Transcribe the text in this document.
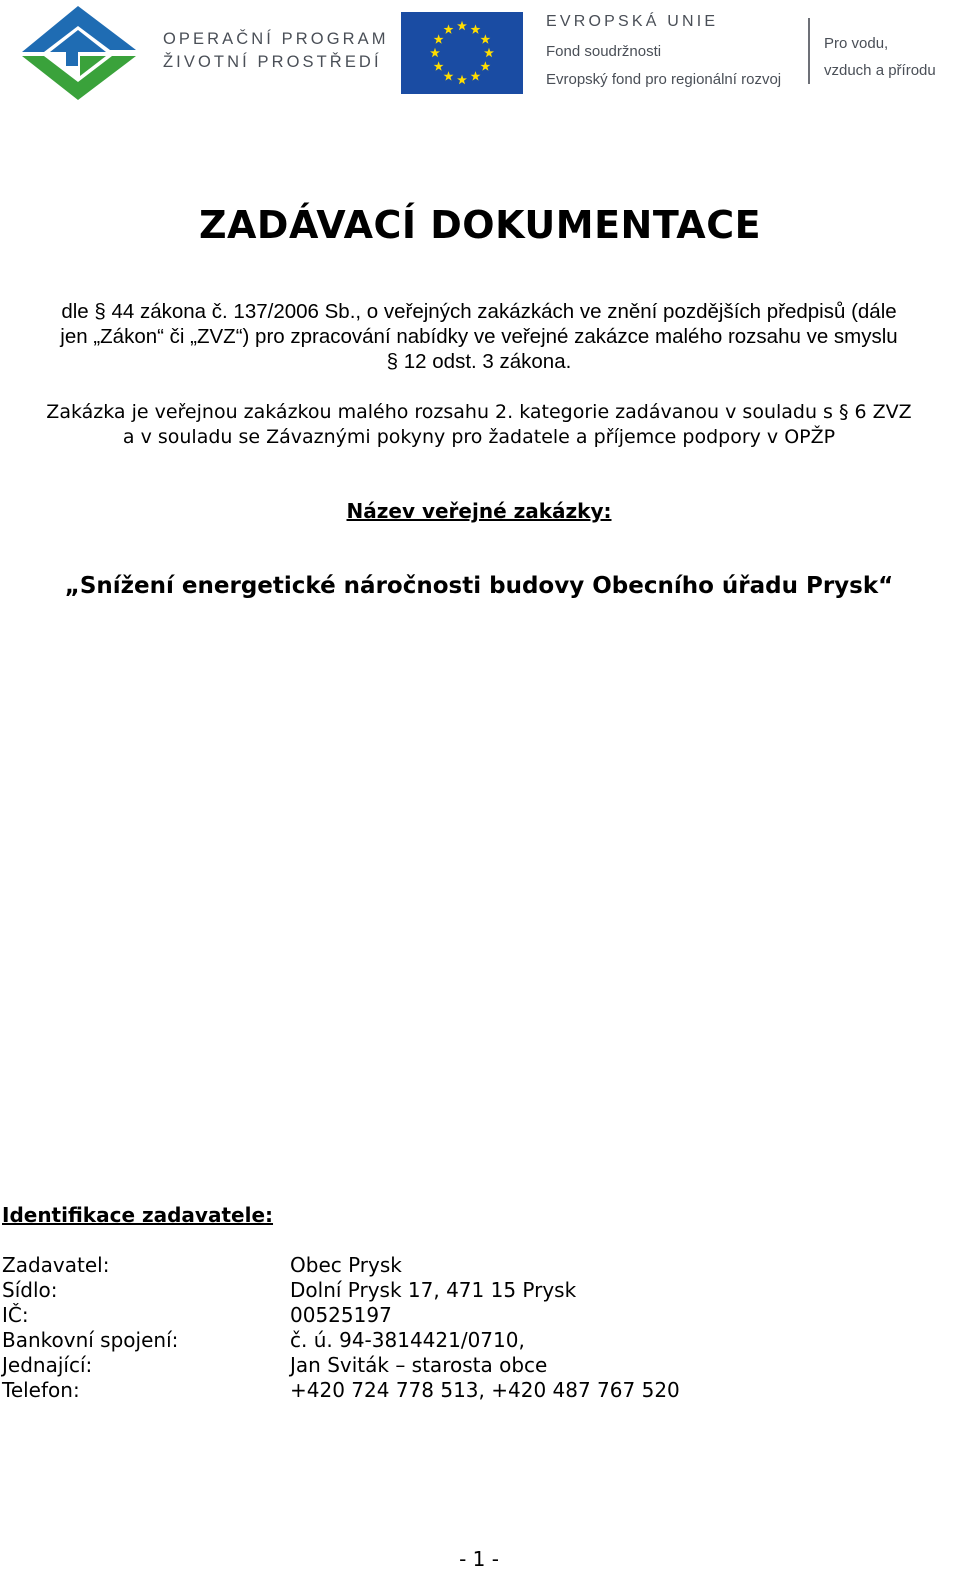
OPERAČNÍ PROGRAM
ŽIVOTNÍ PROSTŘEDÍ
EVROPSKÁ UNIE
Fond soudržnosti
Evropský fond pro regionální rozvoj
Pro vodu,
vzduch a přírodu
ZADÁVACÍ DOKUMENTACE
dle § 44 zákona č. 137/2006 Sb., o veřejných zakázkách ve znění pozdějších předpisů (dále
jen „Zákon“ či „ZVZ“) pro zpracování nabídky ve veřejné zakázce malého rozsahu ve smyslu
§ 12 odst. 3 zákona.
Zakázka je veřejnou zakázkou malého rozsahu 2. kategorie zadávanou v souladu s § 6 ZVZ
a v souladu se Závaznými pokyny pro žadatele a příjemce podpory v OPŽP
Název veřejné zakázky:
„Snížení energetické náročnosti budovy Obecního úřadu Prysk“
Identifikace zadavatele:
Zadavatel:	Obec Prysk
Sídlo:	Dolní Prysk 17, 471 15 Prysk
IČ:	00525197
Bankovní spojení:	č. ú. 94-3814421/0710,
Jednající:	Jan Sviták – starosta obce
Telefon:	+420 724 778 513, +420 487 767 520
- 1 -
